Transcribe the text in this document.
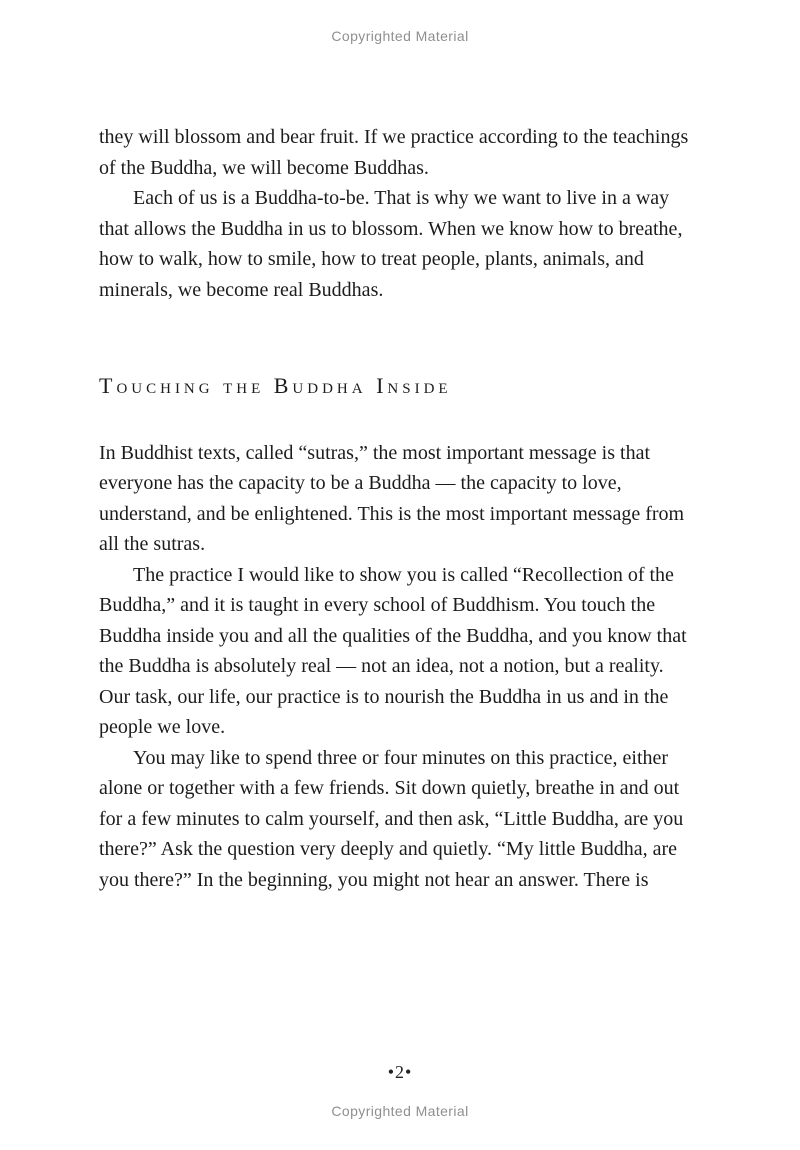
Copyrighted Material

they will blossom and bear fruit. If we practice according to the teachings of the Buddha, we will become Buddhas.

Each of us is a Buddha-to-be. That is why we want to live in a way that allows the Buddha in us to blossom. When we know how to breathe, how to walk, how to smile, how to treat people, plants, animals, and minerals, we become real Buddhas.

Touching the Buddha Inside

In Buddhist texts, called “sutras,” the most important message is that everyone has the capacity to be a Buddha — the capacity to love, understand, and be enlightened. This is the most important message from all the sutras.

The practice I would like to show you is called “Recollection of the Buddha,” and it is taught in every school of Buddhism. You touch the Buddha inside you and all the qualities of the Buddha, and you know that the Buddha is absolutely real — not an idea, not a notion, but a reality. Our task, our life, our practice is to nourish the Buddha in us and in the people we love.

You may like to spend three or four minutes on this practice, either alone or together with a few friends. Sit down quietly, breathe in and out for a few minutes to calm yourself, and then ask, “Little Buddha, are you there?” Ask the question very deeply and quietly. “My little Buddha, are you there?” In the beginning, you might not hear an answer. There is

•2•
Copyrighted Material
